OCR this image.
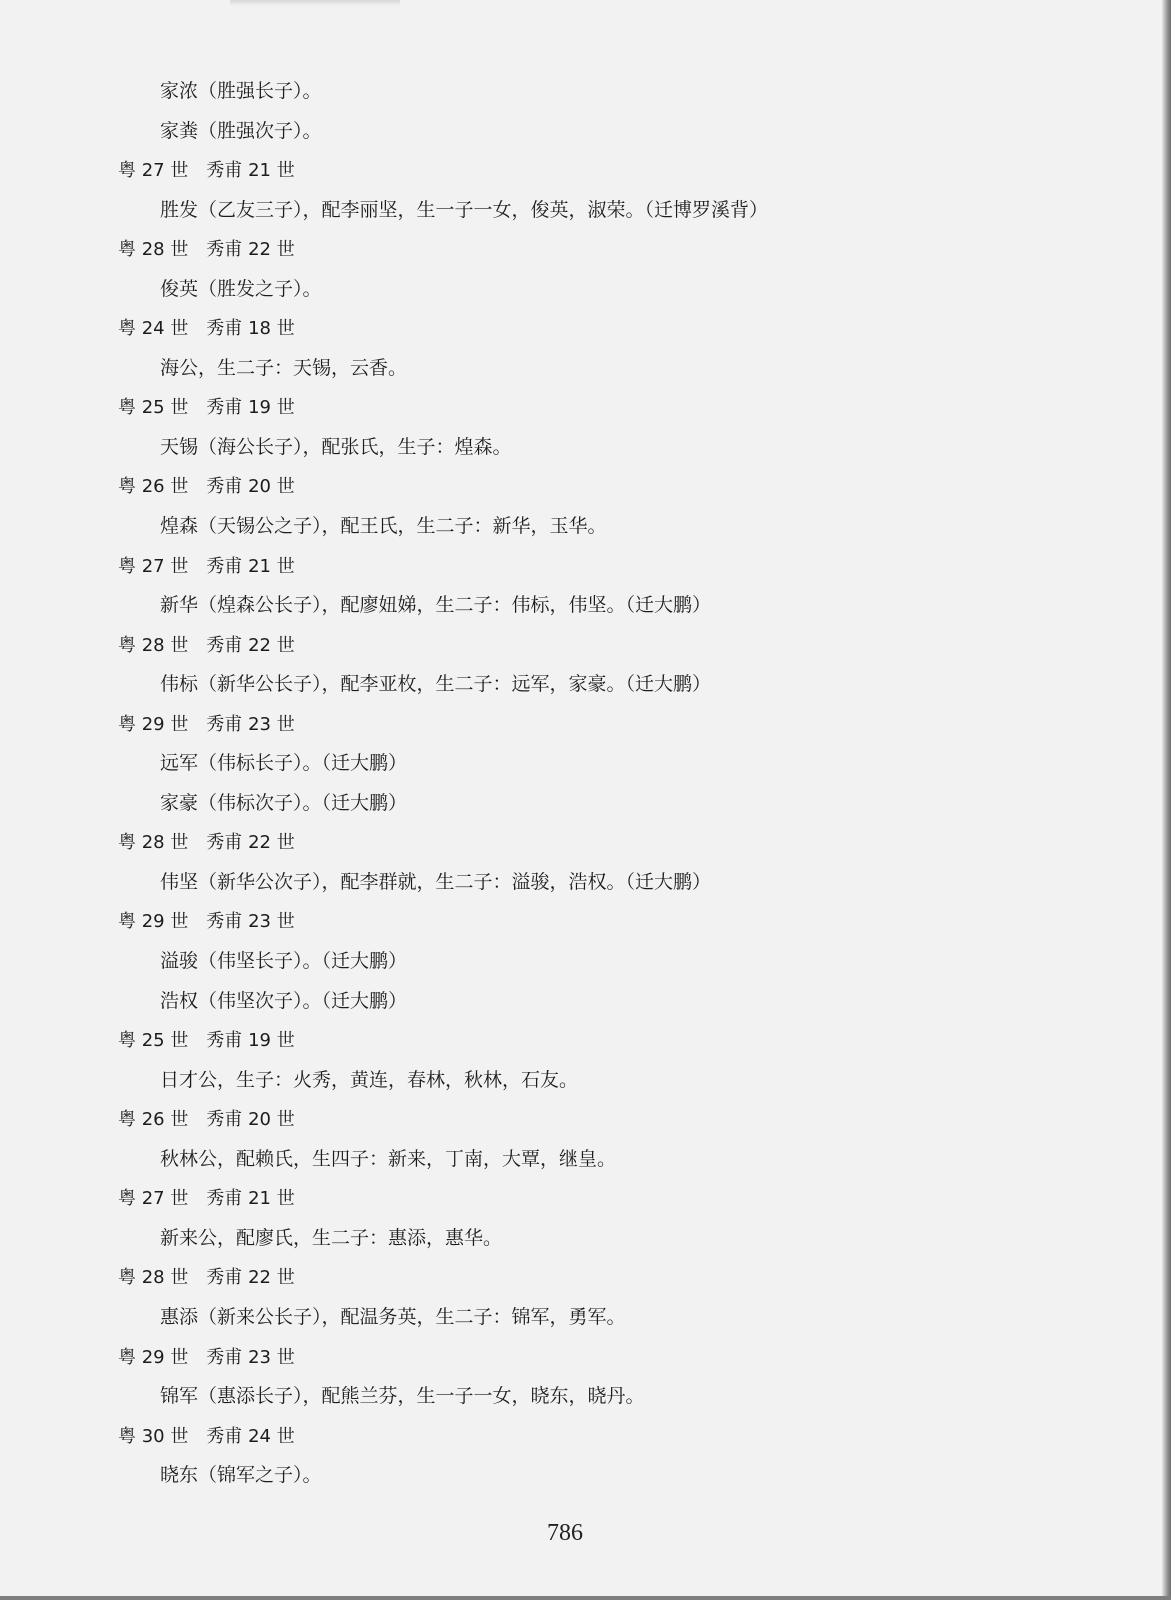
家浓（胜强长子）。
家粪（胜强次子）。
粤 27 世　秀甫 21 世
胜发（乙友三子），配李丽坚，生一子一女，俊英，淑荣。（迁博罗溪背）
粤 28 世　秀甫 22 世
俊英（胜发之子）。
粤 24 世　秀甫 18 世
海公，生二子：天锡，云香。
粤 25 世　秀甫 19 世
天锡（海公长子），配张氏，生子：煌森。
粤 26 世　秀甫 20 世
煌森（天锡公之子），配王氏，生二子：新华，玉华。
粤 27 世　秀甫 21 世
新华（煌森公长子），配廖妞娣，生二子：伟标，伟坚。（迁大鹏）
粤 28 世　秀甫 22 世
伟标（新华公长子），配李亚枚，生二子：远军，家豪。（迁大鹏）
粤 29 世　秀甫 23 世
远军（伟标长子）。（迁大鹏）
家豪（伟标次子）。（迁大鹏）
粤 28 世　秀甫 22 世
伟坚（新华公次子），配李群就，生二子：溢骏，浩权。（迁大鹏）
粤 29 世　秀甫 23 世
溢骏（伟坚长子）。（迁大鹏）
浩权（伟坚次子）。（迁大鹏）
粤 25 世　秀甫 19 世
日才公，生子：火秀，黄连，春林，秋林，石友。
粤 26 世　秀甫 20 世
秋林公，配赖氏，生四子：新来，丁南，大覃，继皇。
粤 27 世　秀甫 21 世
新来公，配廖氏，生二子：惠添，惠华。
粤 28 世　秀甫 22 世
惠添（新来公长子），配温务英，生二子：锦军，勇军。
粤 29 世　秀甫 23 世
锦军（惠添长子），配熊兰芬，生一子一女，晓东，晓丹。
粤 30 世　秀甫 24 世
晓东（锦军之子）。
786
